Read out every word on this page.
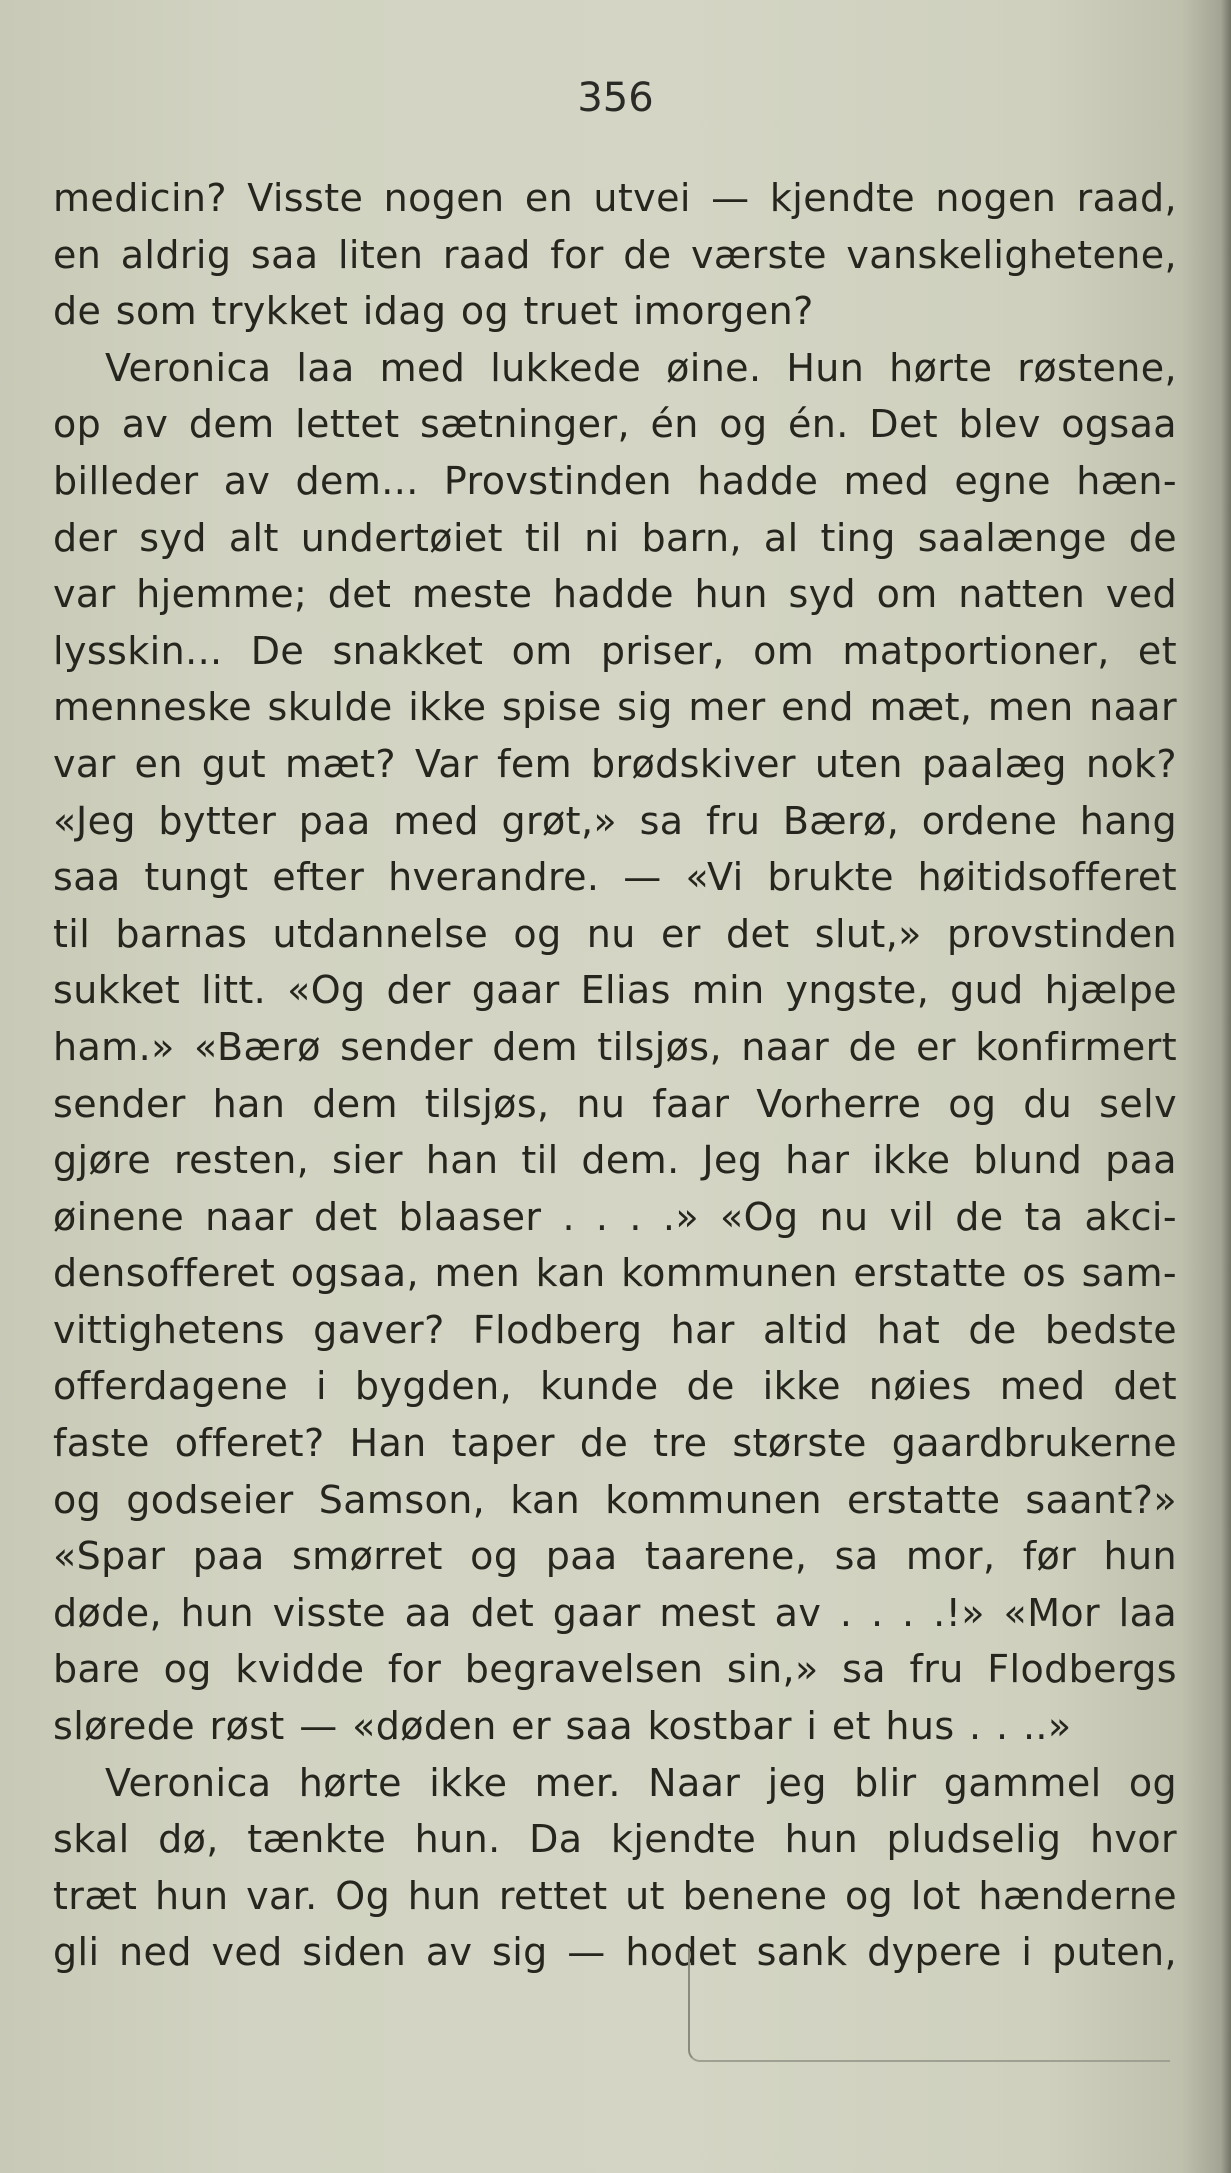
356
medicin? Visste nogen en utvei — kjendte nogen raad,
en aldrig saa liten raad for de værste vanskelighetene,
de som trykket idag og truet imorgen?
Veronica laa med lukkede øine. Hun hørte røstene,
op av dem lettet sætninger, én og én. Det blev ogsaa
billeder av dem... Provstinden hadde med egne hæn-
der syd alt undertøiet til ni barn, al ting saalænge de
var hjemme; det meste hadde hun syd om natten ved
lysskin... De snakket om priser, om matportioner, et
menneske skulde ikke spise sig mer end mæt, men naar
var en gut mæt? Var fem brødskiver uten paalæg nok?
«Jeg bytter paa med grøt,» sa fru Bærø, ordene hang
saa tungt efter hverandre. — «Vi brukte høitidsofferet
til barnas utdannelse og nu er det slut,» provstinden
sukket litt. «Og der gaar Elias min yngste, gud hjælpe
ham.» «Bærø sender dem tilsjøs, naar de er konfirmert
sender han dem tilsjøs, nu faar Vorherre og du selv
gjøre resten, sier han til dem. Jeg har ikke blund paa
øinene naar det blaaser . . . .» «Og nu vil de ta akci-
densofferet ogsaa, men kan kommunen erstatte os sam-
vittighetens gaver? Flodberg har altid hat de bedste
offerdagene i bygden, kunde de ikke nøies med det
faste offeret? Han taper de tre største gaardbrukerne
og godseier Samson, kan kommunen erstatte saant?»
«Spar paa smørret og paa taarene, sa mor, før hun
døde, hun visste aa det gaar mest av . . . .!» «Mor laa
bare og kvidde for begravelsen sin,» sa fru Flodbergs
slørede røst — «døden er saa kostbar i et hus . . ..»
Veronica hørte ikke mer. Naar jeg blir gammel og
skal dø, tænkte hun. Da kjendte hun pludselig hvor
træt hun var. Og hun rettet ut benene og lot hænderne
gli ned ved siden av sig — hodet sank dypere i puten,
